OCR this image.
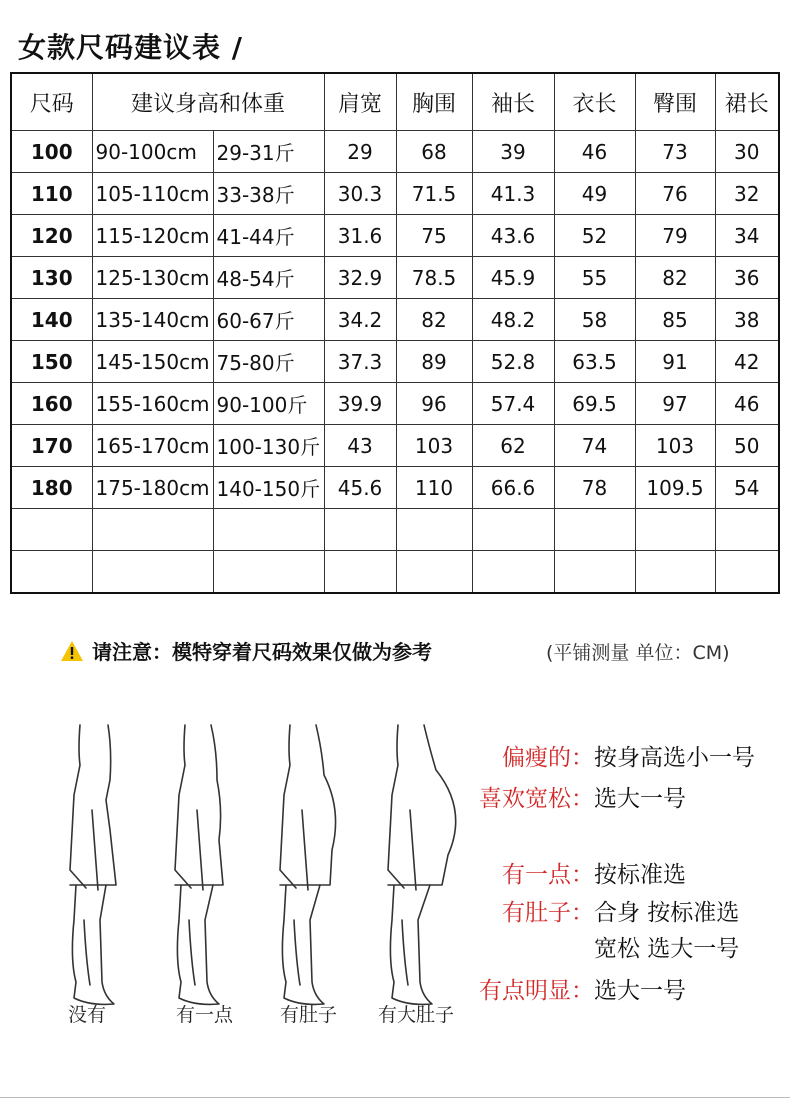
女款尺码建议表 /
尺码	建议身高和体重		肩宽	胸围	袖长	衣长	臀围	裙长
100	90-100cm	29-31斤	29	68	39	46	73	30
110	105-110cm	33-38斤	30.3	71.5	41.3	49	76	32
120	115-120cm	41-44斤	31.6	75	43.6	52	79	34
130	125-130cm	48-54斤	32.9	78.5	45.9	55	82	36
140	135-140cm	60-67斤	34.2	82	48.2	58	85	38
150	145-150cm	75-80斤	37.3	89	52.8	63.5	91	42
160	155-160cm	90-100斤	39.9	96	57.4	69.5	97	46
170	165-170cm	100-130斤	43	103	62	74	103	50
180	175-180cm	140-150斤	45.6	110	66.6	78	109.5	54

请注意：模特穿着尺码效果仅做为参考	(平铺测量 单位：CM)
没有	有一点 有肚子 有大肚子
偏瘦的：按身高选小一号
喜欢宽松：选大一号
有一点：按标准选
有肚子：合身 按标准选
宽松 选大一号
有点明显：选大一号
